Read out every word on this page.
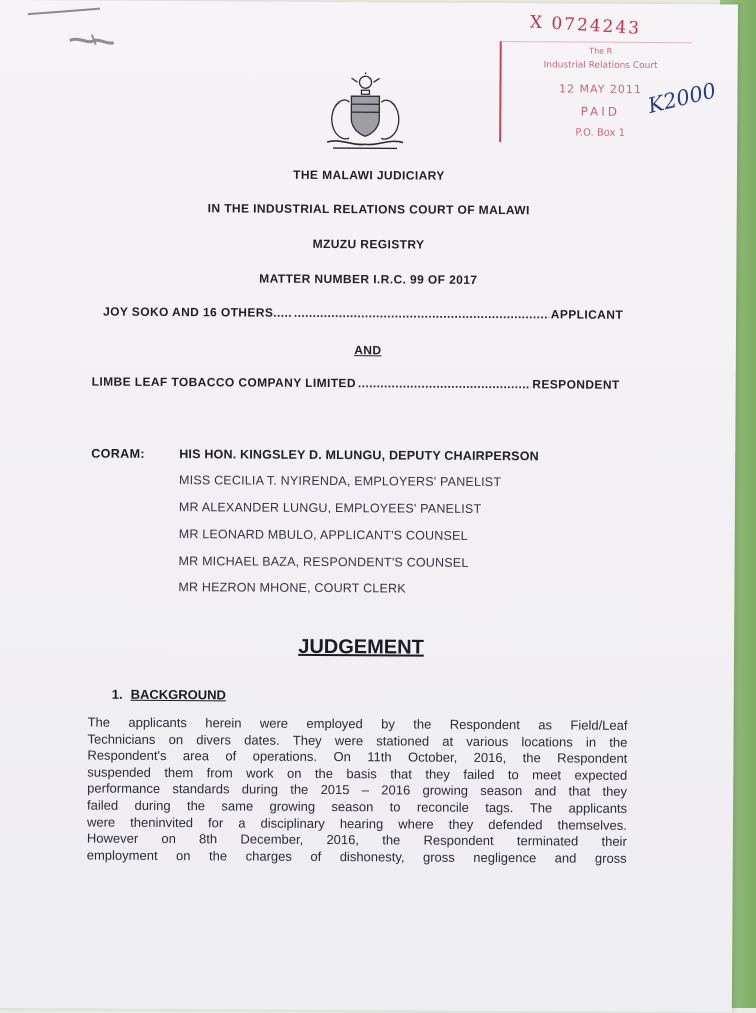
X 0724243
The R
Industrial Relations Court
12 MAY 2011
PAID
P.O. Box 1
K2000
THE MALAWI JUDICIARY
IN THE INDUSTRIAL RELATIONS COURT OF MALAWI
MZUZU REGISTRY
MATTER NUMBER I.R.C. 99 OF 2017
JOY SOKO AND 16 OTHERS..... .....	APPLICANT
AND
LIMBE LEAF TOBACCO COMPANY LIMITED .....	RESPONDENT
CORAM:	HIS HON. KINGSLEY D. MLUNGU, DEPUTY CHAIRPERSON
MISS CECILIA T. NYIRENDA, EMPLOYERS' PANELIST
MR ALEXANDER LUNGU, EMPLOYEES' PANELIST
MR LEONARD MBULO, APPLICANT'S COUNSEL
MR MICHAEL BAZA, RESPONDENT'S COUNSEL
MR HEZRON MHONE, COURT CLERK
JUDGEMENT
1. BACKGROUND
The applicants herein were employed by the Respondent as Field/Leaf
Technicians on divers dates. They were stationed at various locations in the
Respondent's area of operations. On 11th October, 2016, the Respondent
suspended them from work on the basis that they failed to meet expected
performance standards during the 2015 – 2016 growing season and that they
failed during the same growing season to reconcile tags. The applicants
were theninvited for a disciplinary hearing where they defended themselves.
However on 8th December, 2016, the Respondent terminated their
employment on the charges of dishonesty, gross negligence and gross
